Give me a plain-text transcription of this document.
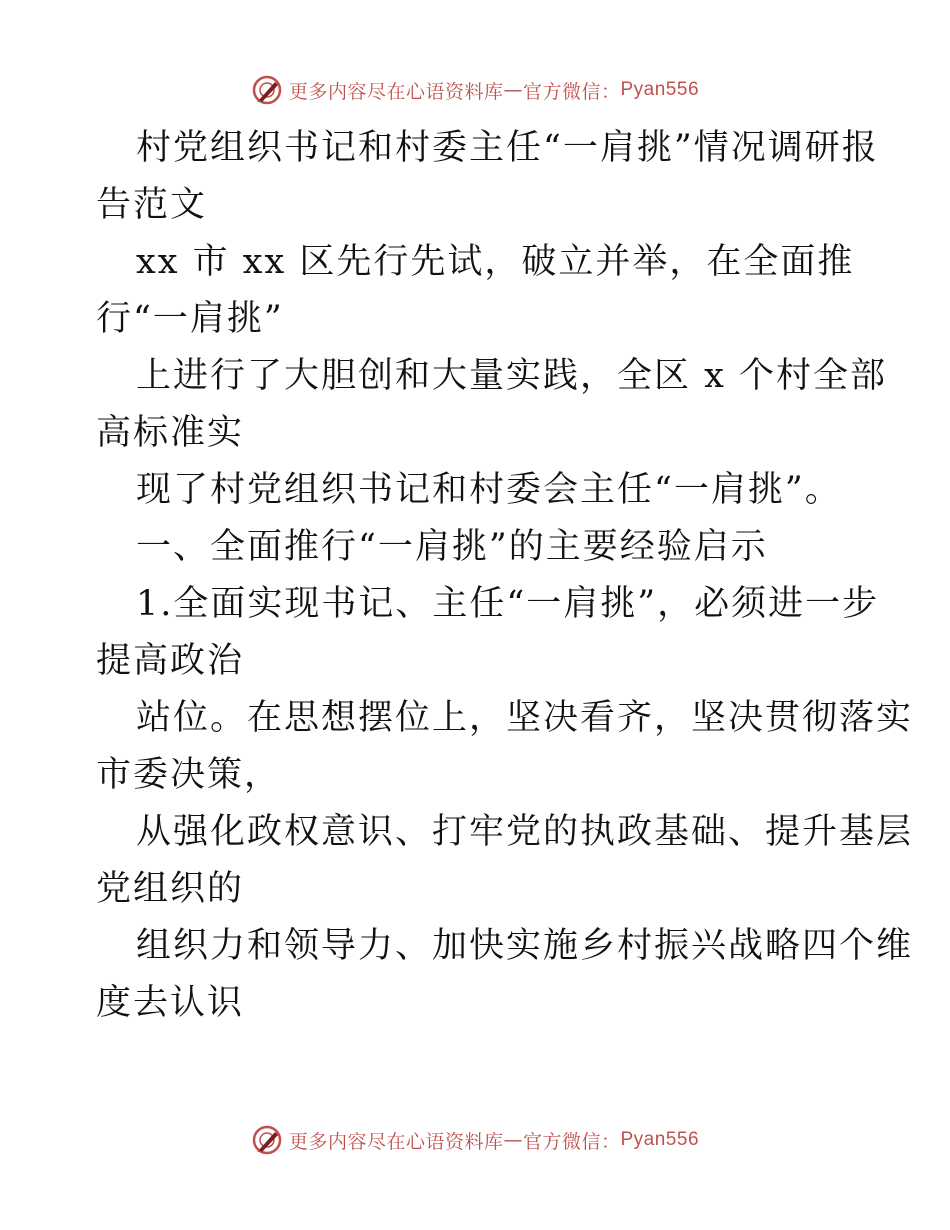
更多内容尽在心语资料库 — 官方微信： Pyan556
村党组织书记和村委主任“一肩挑”情况调研报
告范文
xx 市 xx 区先行先试，破立并举，在全面推
行“一肩挑”
上进行了大胆创和大量实践，全区 x 个村全部
高标准实
现了村党组织书记和村委会主任“一肩挑”。
一、全面推行“一肩挑”的主要经验启示
1.全面实现书记、主任“一肩挑”，必须进一步
提高政治
站位。在思想摆位上，坚决看齐，坚决贯彻落实
市委决策，
从强化政权意识、打牢党的执政基础、提升基层
党组织的
组织力和领导力、加快实施乡村振兴战略四个维
度去认识
更多内容尽在心语资料库 — 官方微信： Pyan556
